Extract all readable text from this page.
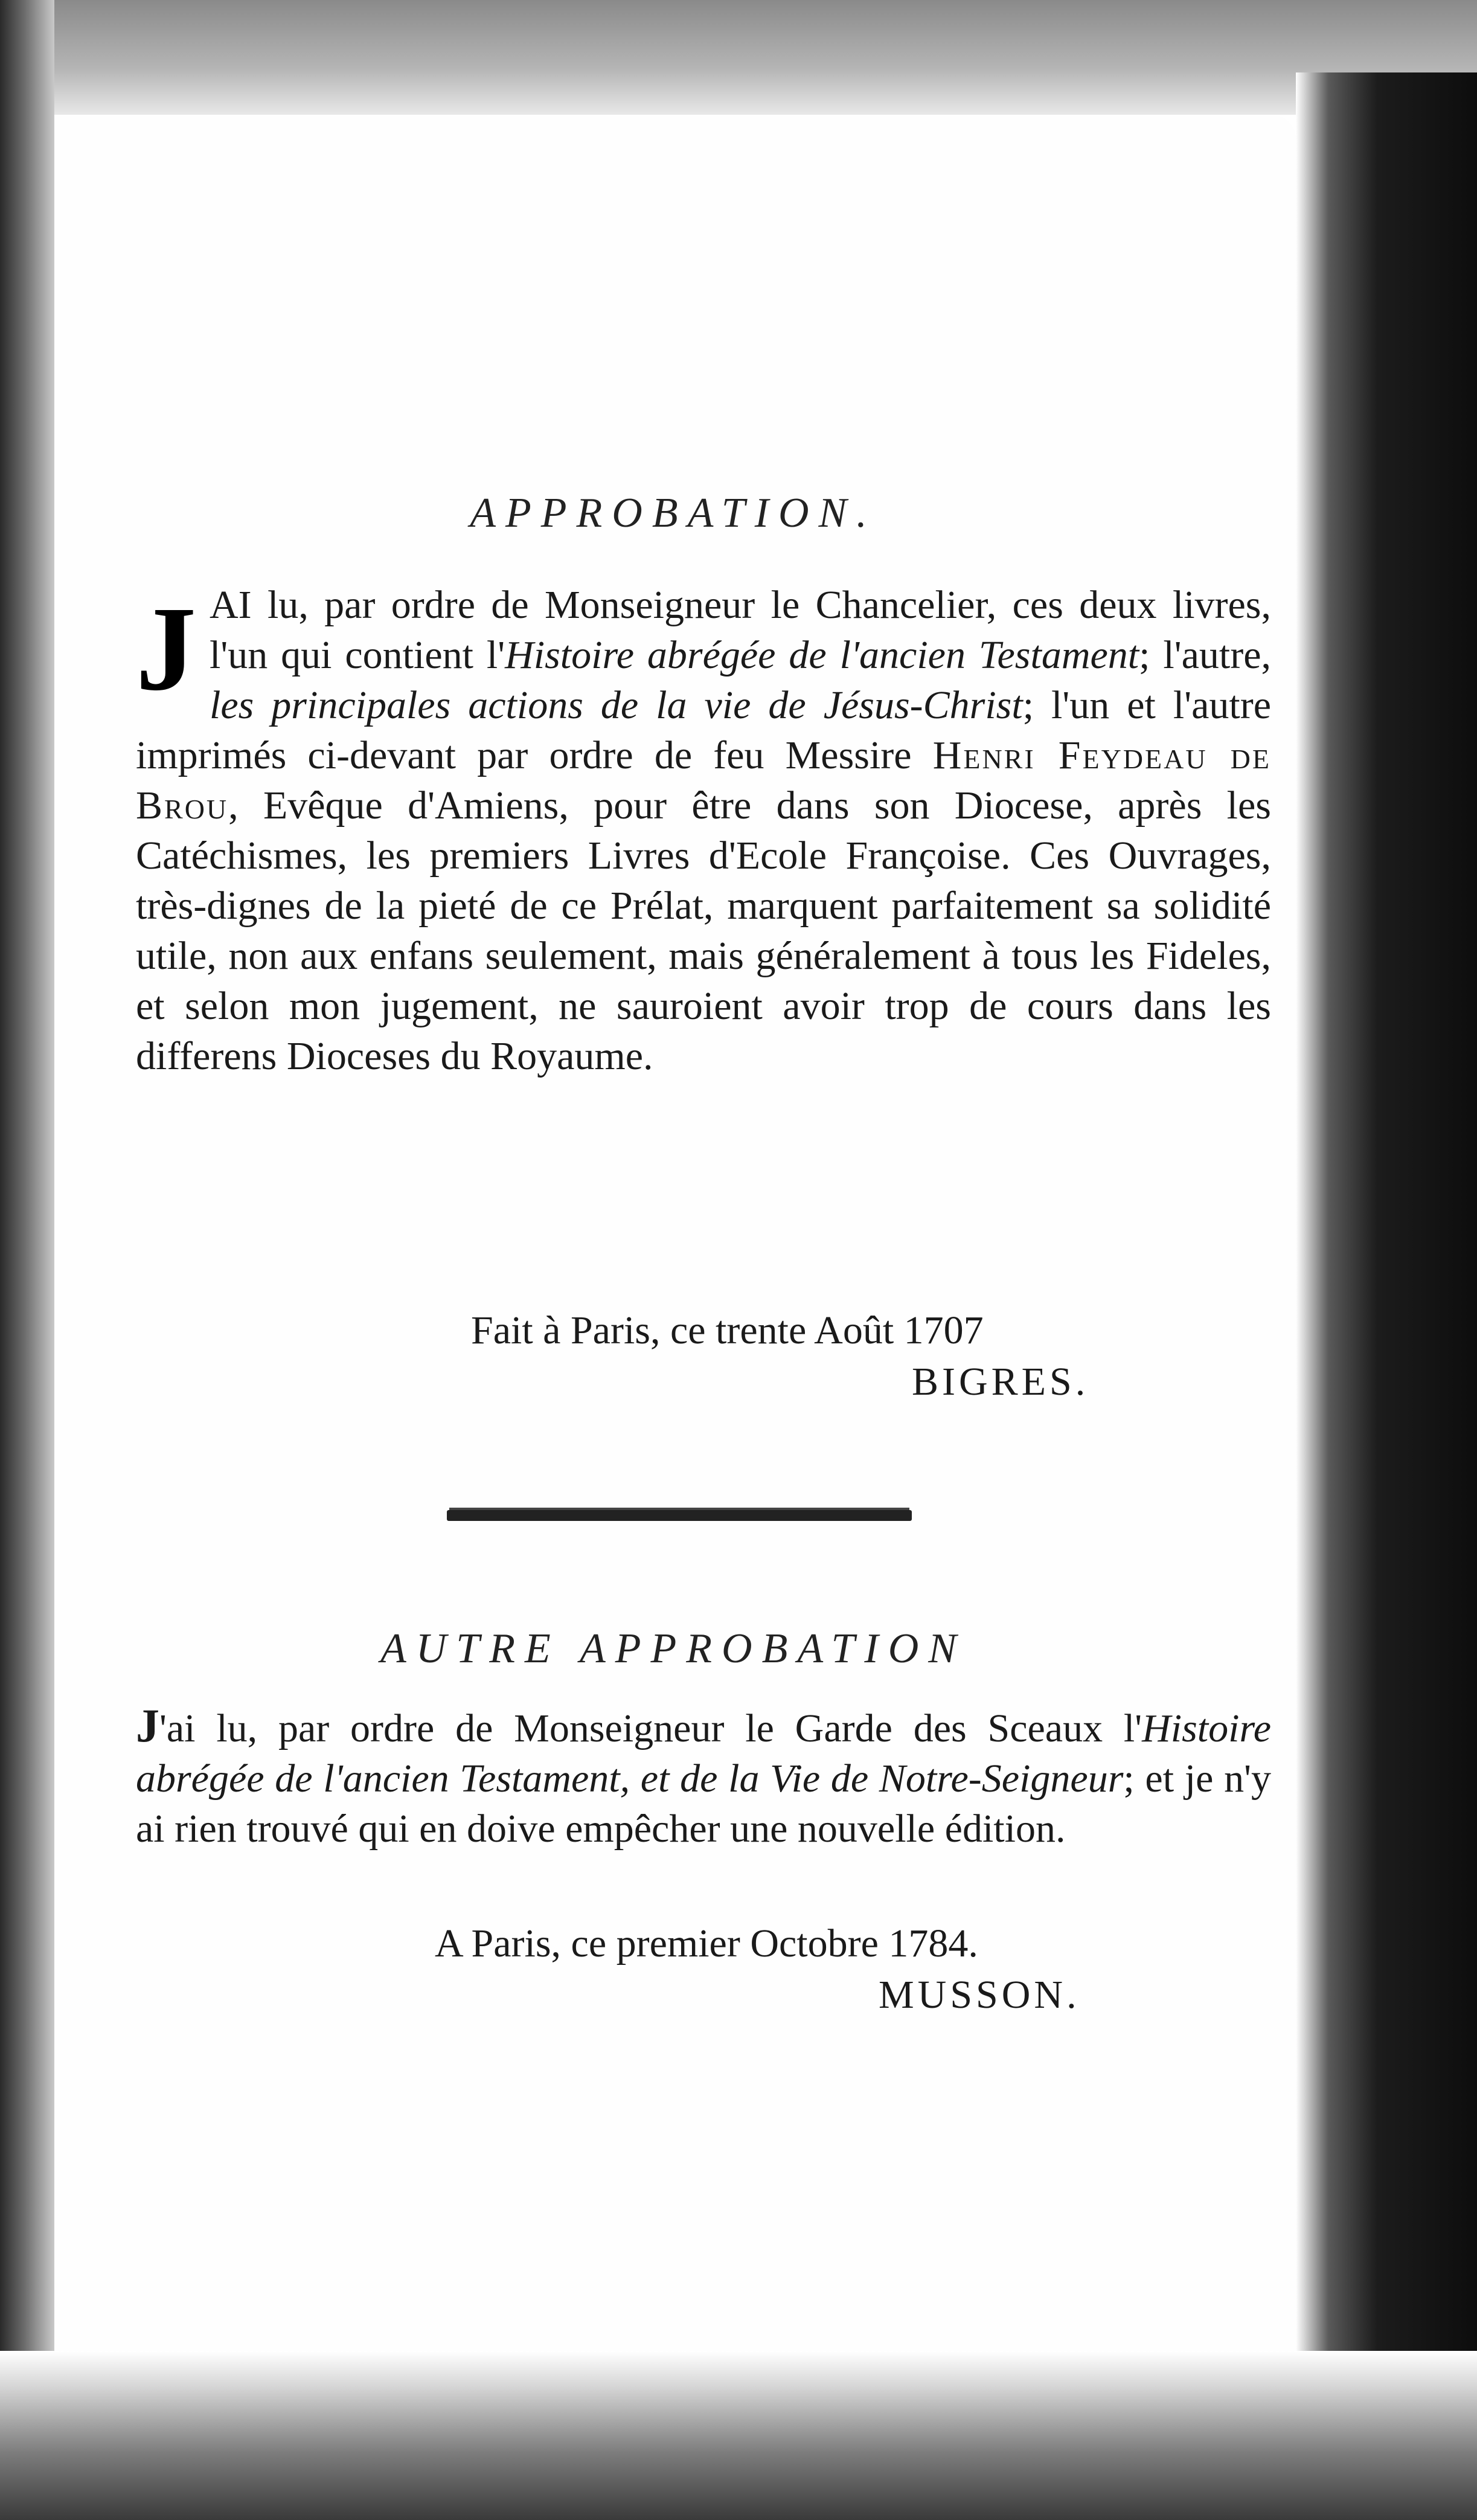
APPROBATION.

JAI lu, par ordre de Monseigneur le Chancelier, ces deux livres, l'un qui contient l'Histoire abrégée de l'ancien Testament; l'autre, les principales actions de la vie de Jésus-Christ; l'un et l'autre imprimés ci-devant par ordre de feu Messire Henri Feydeau de Brou, Evêque d'Amiens, pour être dans son Diocese, après les Catéchismes, les premiers Livres d'Ecole Françoise. Ces Ouvrages, très-dignes de la pieté de ce Prélat, marquent parfaitement sa solidité utile, non aux enfans seulement, mais généralement à tous les Fideles, et selon mon jugement, ne sauroient avoir trop de cours dans les differens Dioceses du Royaume.

Fait à Paris, ce trente Août 1707

BIGRES.

AUTRE APPROBATION

J'ai lu, par ordre de Monseigneur le Garde des Sceaux l'Histoire abrégée de l'ancien Testament, et de la Vie de Notre-Seigneur; et je n'y ai rien trouvé qui en doive empêcher une nouvelle édition.

A Paris, ce premier Octobre 1784.

MUSSON.
